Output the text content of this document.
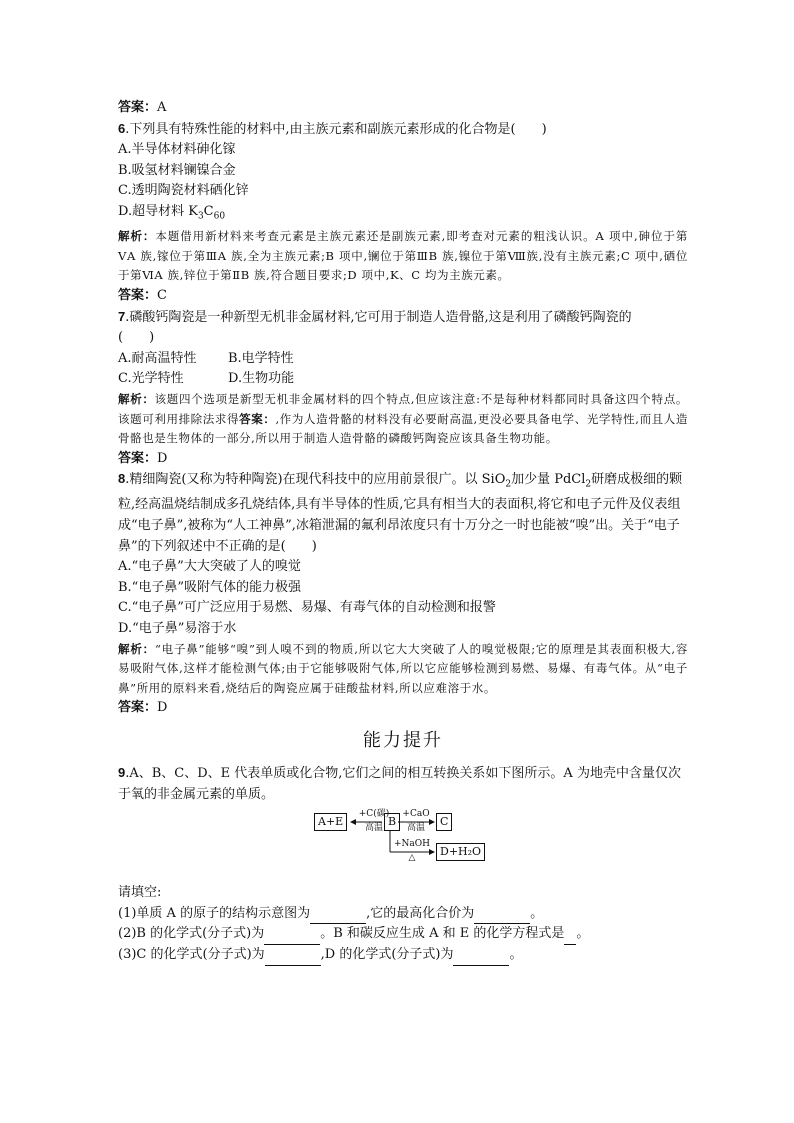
答案：A
6.下列具有特殊性能的材料中,由主族元素和副族元素形成的化合物是(　　)
A.半导体材料砷化镓
B.吸氢材料镧镍合金
C.透明陶瓷材料硒化锌
D.超导材料 $K_3C_{60}$
解析：本题借用新材料来考查元素是主族元素还是副族元素,即考查对元素的粗浅认识。A 项中,砷位于第ⅤA 族,镓位于第ⅢA 族,全为主族元素;B 项中,镧位于第ⅢB 族,镍位于第Ⅷ族,没有主族元素;C 项中,硒位于第ⅥA 族,锌位于第ⅡB 族,符合题目要求;D 项中,K、C 均为主族元素。
答案：C
7.磷酸钙陶瓷是一种新型无机非金属材料,它可用于制造人造骨骼,这是利用了磷酸钙陶瓷的
(　　)
A.耐高温特性	B.电学特性
C.光学特性	D.生物功能
解析：该题四个选项是新型无机非金属材料的四个特点,但应该注意:不是每种材料都同时具备这四个特点。该题可利用排除法求得答案：,作为人造骨骼的材料没有必要耐高温,更没必要具备电学、光学特性,而且人造骨骼也是生物体的一部分,所以用于制造人造骨骼的磷酸钙陶瓷应该具备生物功能。
答案：D
8.精细陶瓷(又称为特种陶瓷)在现代科技中的应用前景很广。以 SiO$_2$加少量 PdCl$_2$研磨成极细的颗粒,经高温烧结制成多孔烧结体,具有半导体的性质,它具有相当大的表面积,将它和电子元件及仪表组成“电子鼻”,被称为“人工神鼻”,冰箱泄漏的氟利昂浓度只有十万分之一时也能被“嗅”出。关于“电子鼻”的下列叙述中不正确的是(　　)
A.“电子鼻”大大突破了人的嗅觉
B.“电子鼻”吸附气体的能力极强
C.“电子鼻”可广泛应用于易燃、易爆、有毒气体的自动检测和报警
D.“电子鼻”易溶于水
解析：“电子鼻”能够“嗅”到人嗅不到的物质,所以它大大突破了人的嗅觉极限;它的原理是其表面积极大,容易吸附气体,这样才能检测气体;由于它能够吸附气体,所以它应能够检测到易燃、易爆、有毒气体。从“电子鼻”所用的原料来看,烧结后的陶瓷应属于硅酸盐材料,所以应难溶于水。
答案：D
能力提升
9.A、B、C、D、E 代表单质或化合物,它们之间的相互转换关系如下图所示。A 为地壳中含量仅次于氧的非金属元素的单质。
A+E
+C(碳)
高温 B
+CaO
高温	C
+NaOH
△	D+H₂O
请填空:
(1)单质 A 的原子的结构示意图为	,它的最高化合价为	。
(2)B 的化学式(分子式)为	。B 和碳反应生成 A 和 E 的化学方程式是 。
(3)C 的化学式(分子式)为	,D 的化学式(分子式)为	。
